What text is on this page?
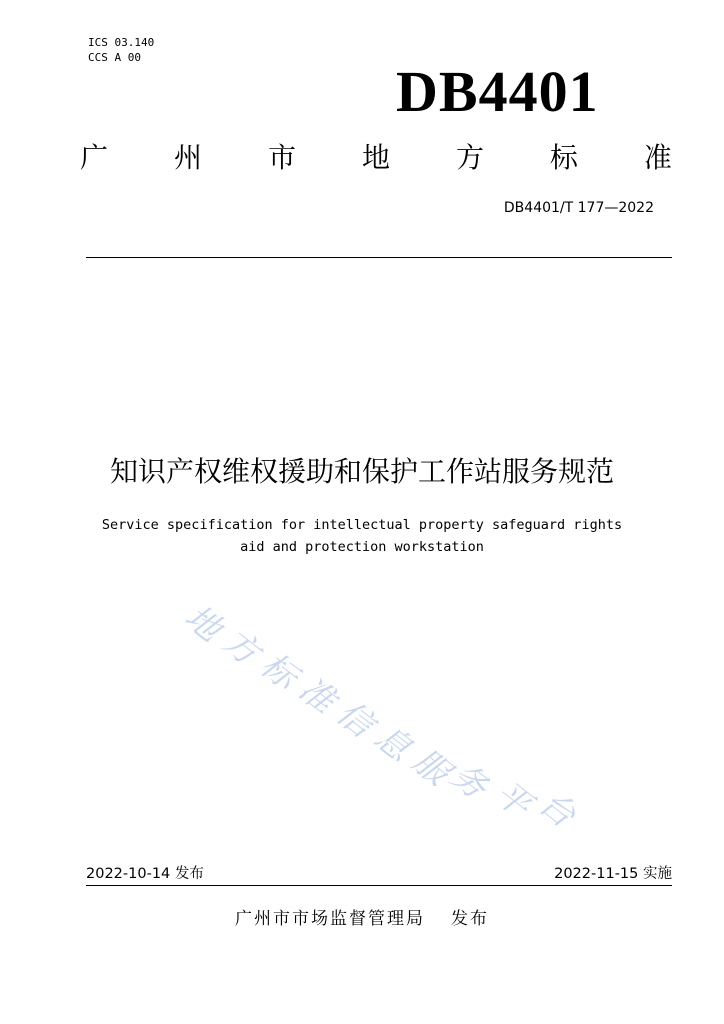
ICS 03.140
CCS A 00
DB4401
广 州 市 地 方 标 准
DB4401/T 177—2022
知识产权维权援助和保护工作站服务规范
Service specification for intellectual property safeguard rights
aid and protection workstation
地
方
标
准
信
息
服
务
平
台
2022-10-14 发布	2022-11-15 实施
广州市市场监督管理局 发布
